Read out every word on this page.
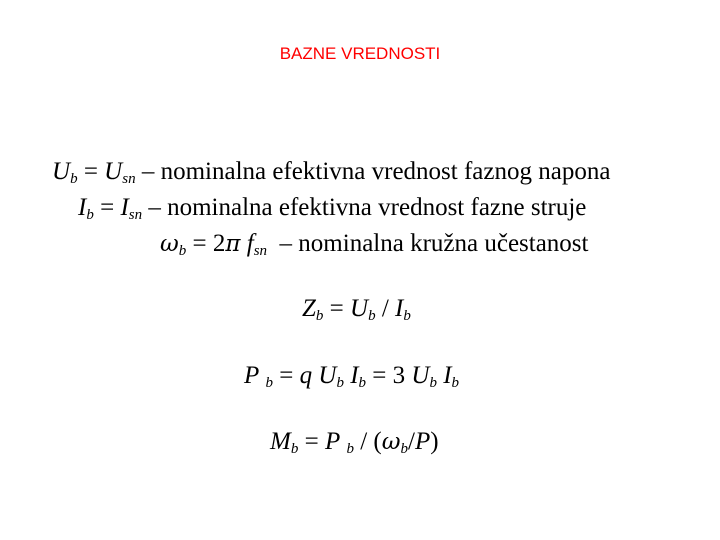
BAZNE VREDNOSTI
$U_b = U_{sn}$ – nominalna efektivna vrednost faznog napona
$I_b = I_{sn}$ – nominalna efektivna vrednost fazne struje
$\omega_b = 2\pi$ $f_{sn}$  – nominalna kružna učestanost
$Z_b = U_b / I_b$
P $_b$ = q $U_b$ $I_b = 3$ $U_b$ $I_b$
$M_b = P$ $_b / (\omega_b/P)$
